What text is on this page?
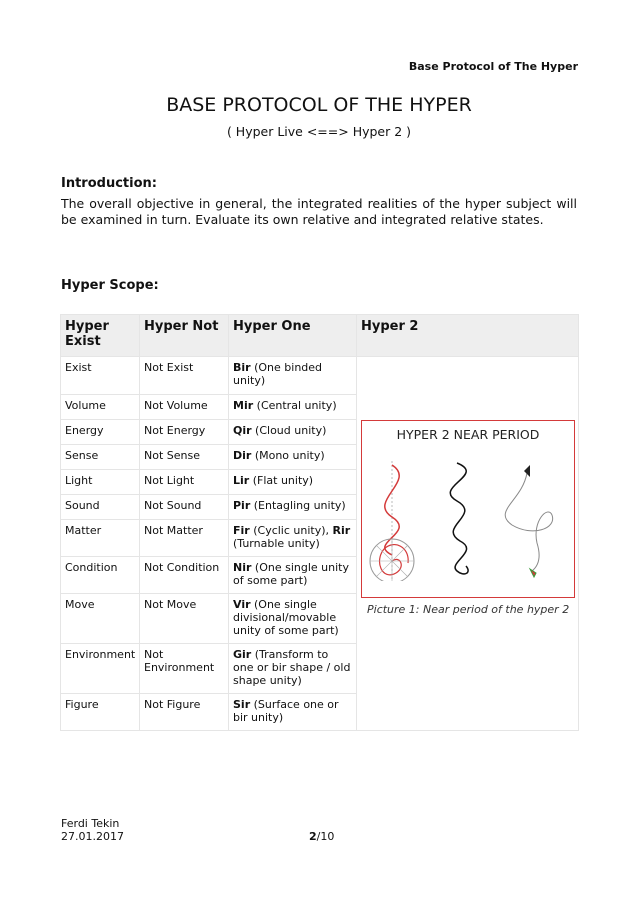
Base Protocol of The Hyper
BASE PROTOCOL OF THE HYPER
( Hyper Live <==> Hyper 2 )
Introduction:

The overall objective in general, the integrated realities of the hyper subject will be examined in turn. Evaluate its own relative and integrated relative states.

Hyper Scope:
Hyper Exist	Hyper Not	Hyper One	Hyper 2
Exist	Not Exist	Bir (One binded unity)	HYPER 2 NEAR PERIOD
Picture 1: Near period of the hyper 2

Volume	Not Volume	Mir (Central unity)	
Energy	Not Energy	Qir (Cloud unity)	
Sense	Not Sense	Dir (Mono unity)	
Light	Not Light	Lir (Flat unity)	
Sound	Not Sound	Pir (Entagling unity)	
Matter	Not Matter	Fir (Cyclic unity), Rir (Turnable unity)	
Condition	Not Condition	Nir (One single unity of some part)	
Move	Not Move	Vir (One single divisional/movable unity of some part)	
Environment	Not Environment	Gir (Transform to one or bir shape / old shape unity)	
Figure	Not Figure	Sir (Surface one or bir unity)	
Ferdi Tekin
27.01.2017	2/10
